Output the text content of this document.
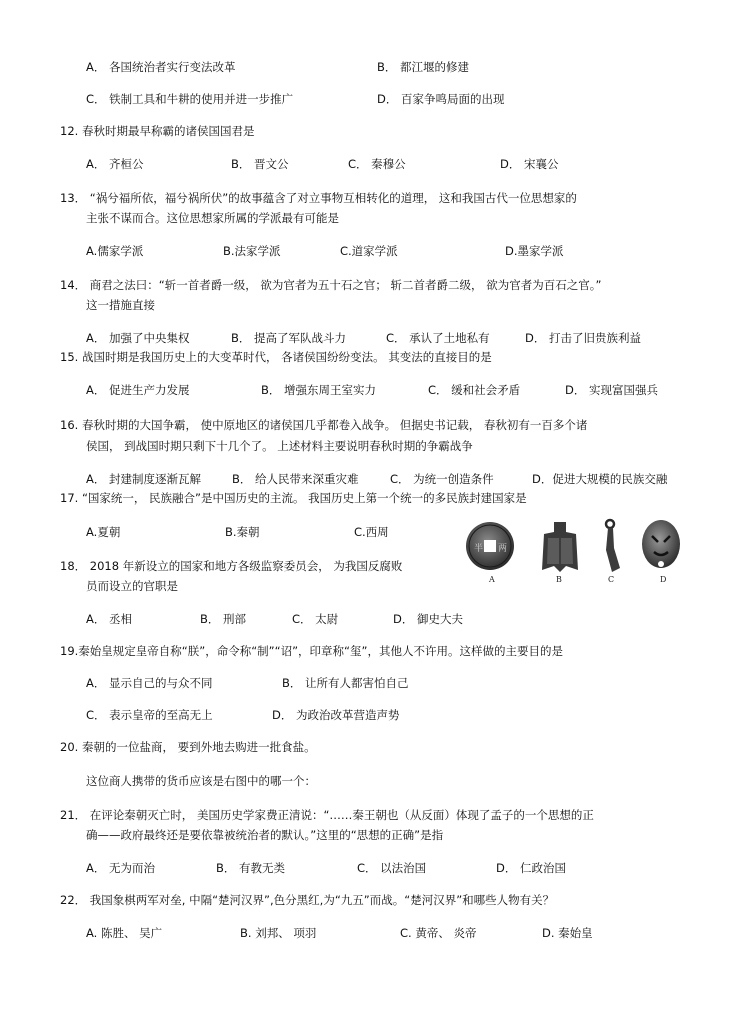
A． 各国统治者实行变法改革	B． 都江堰的修建
C． 铁制工具和牛耕的使用并进一步推广	D． 百家争鸣局面的出现
12. 春秋时期最早称霸的诸侯国国君是
A． 齐桓公	B． 晋文公	C． 秦穆公	D． 宋襄公
13． “祸兮福所依，福兮祸所伏”的故事蕴含了对立事物互相转化的道理， 这和我国古代一位思想家的
主张不谋而合。这位思想家所属的学派最有可能是
A.儒家学派	B.法家学派	C.道家学派	D.墨家学派
14． 商君之法曰：“斩一首者爵一级， 欲为官者为五十石之官； 斩二首者爵二级， 欲为官者为百石之官。”
这一措施直接
A． 加强了中央集权	B． 提高了军队战斗力	C． 承认了土地私有	D． 打击了旧贵族利益
15. 战国时期是我国历史上的大变革时代， 各诸侯国纷纷变法。 其变法的直接目的是
A． 促进生产力发展	B． 增强东周王室实力	C． 缓和社会矛盾	D． 实现富国强兵
16. 春秋时期的大国争霸， 使中原地区的诸侯国几乎都卷入战争。 但据史书记载， 春秋初有一百多个诸
侯国， 到战国时期只剩下十几个了。 上述材料主要说明春秋时期的争霸战争
A． 封建制度逐渐瓦解	B． 给人民带来深重灾难	C． 为统一创造条件	D．促进大规模的民族交融
17. “国家统一， 民族融合”是中国历史的主流。 我国历史上第一个统一的多民族封建国家是
A.夏朝	B.秦朝	C.西周
半 两
A	B	C	D
18． 2018 年新设立的国家和地方各级监察委员会， 为我国反腐败
员而设立的官职是
A． 丞相	B． 刑部	C． 太尉	D． 御史大夫
19.秦始皇规定皇帝自称“朕”，命令称“制”“诏”，印章称“玺”，其他人不许用。这样做的主要目的是
A． 显示自己的与众不同	B． 让所有人都害怕自己
C． 表示皇帝的至高无上	D． 为政治改革营造声势
20. 秦朝的一位盐商， 要到外地去购进一批食盐。
这位商人携带的货币应该是右图中的哪一个：
21． 在评论秦朝灭亡时， 美国历史学家费正清说：“……秦王朝也（从反面）体现了孟子的一个思想的正
确——政府最终还是要依靠被统治者的默认。”这里的“思想的正确”是指
A． 无为而治	B． 有教无类	C． 以法治国	D． 仁政治国
22． 我国象棋两军对垒, 中隔“楚河汉界”,色分黑红,为“九五”而战。“楚河汉界”和哪些人物有关？
A. 陈胜、 吴广	B. 刘邦、 项羽	C. 黄帝、 炎帝	D. 秦始皇
